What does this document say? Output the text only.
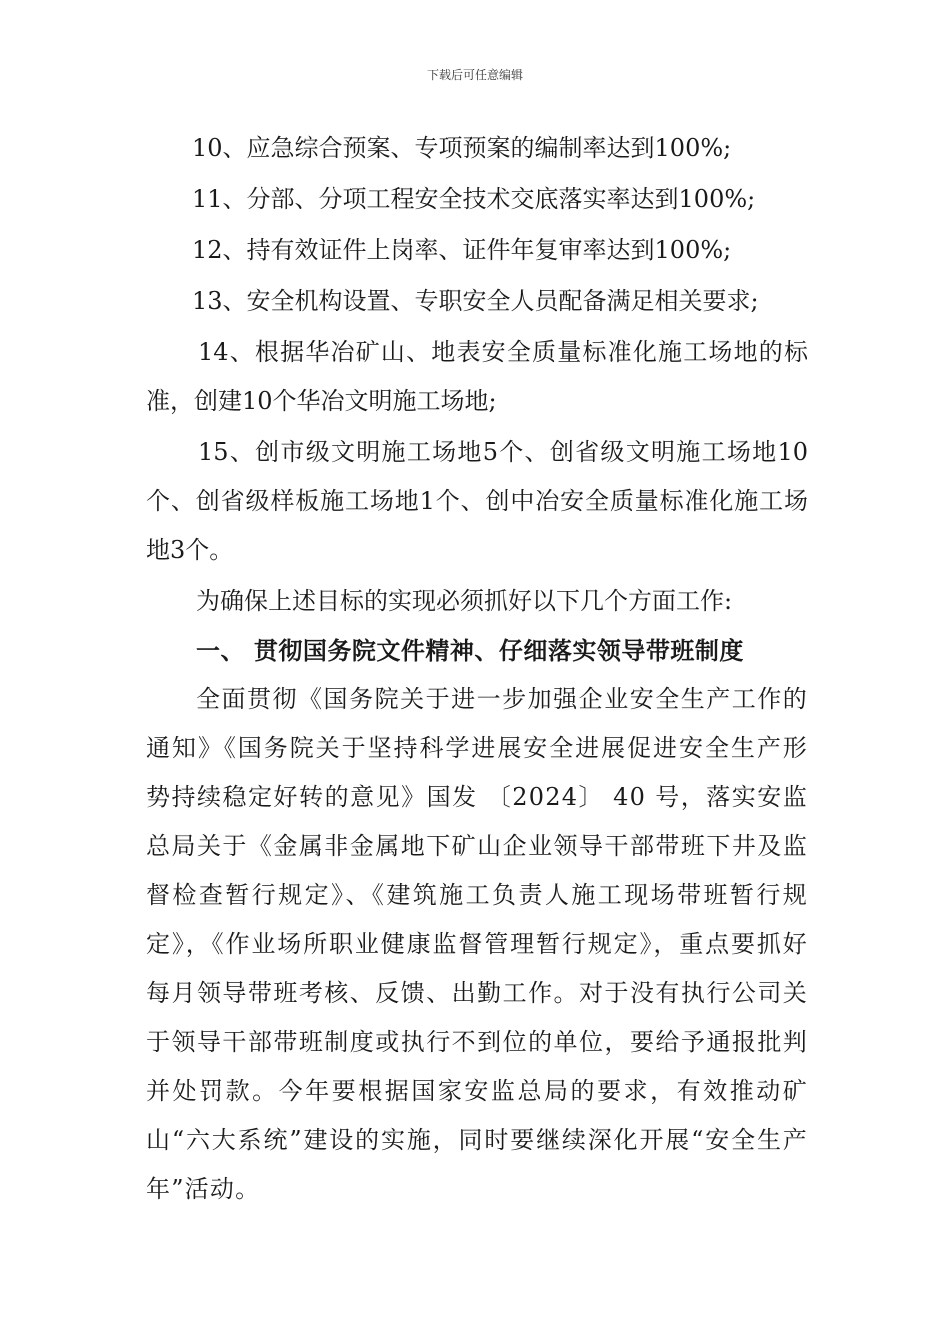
下载后可任意编辑

10、应急综合预案、专项预案的编制率达到100%;

11、分部、分项工程安全技术交底落实率达到100%;

12、持有效证件上岗率、证件年复审率达到100%;

13、安全机构设置、专职安全人员配备满足相关要求;

14、根据华冶矿山、地表安全质量标准化施工场地的标准，创建10个华冶文明施工场地;

15、创市级文明施工场地5个、创省级文明施工场地10个、创省级样板施工场地1个、创中冶安全质量标准化施工场地3个。

为确保上述目标的实现必须抓好以下几个方面工作:

一、 贯彻国务院文件精神、仔细落实领导带班制度

全面贯彻《国务院关于进一步加强企业安全生产工作的通知》《国务院关于坚持科学进展安全进展促进安全生产形势持续稳定好转的意见》国发 〔2024〕 40 号，落实安监总局关于《金属非金属地下矿山企业领导干部带班下井及监督检查暂行规定》、《建筑施工负责人施工现场带班暂行规定》，《作业场所职业健康监督管理暂行规定》，重点要抓好每月领导带班考核、反馈、出勤工作。对于没有执行公司关于领导干部带班制度或执行不到位的单位，要给予通报批判并处罚款。今年要根据国家安监总局的要求，有效推动矿山“六大系统”建设的实施，同时要继续深化开展“安全生产年”活动。
